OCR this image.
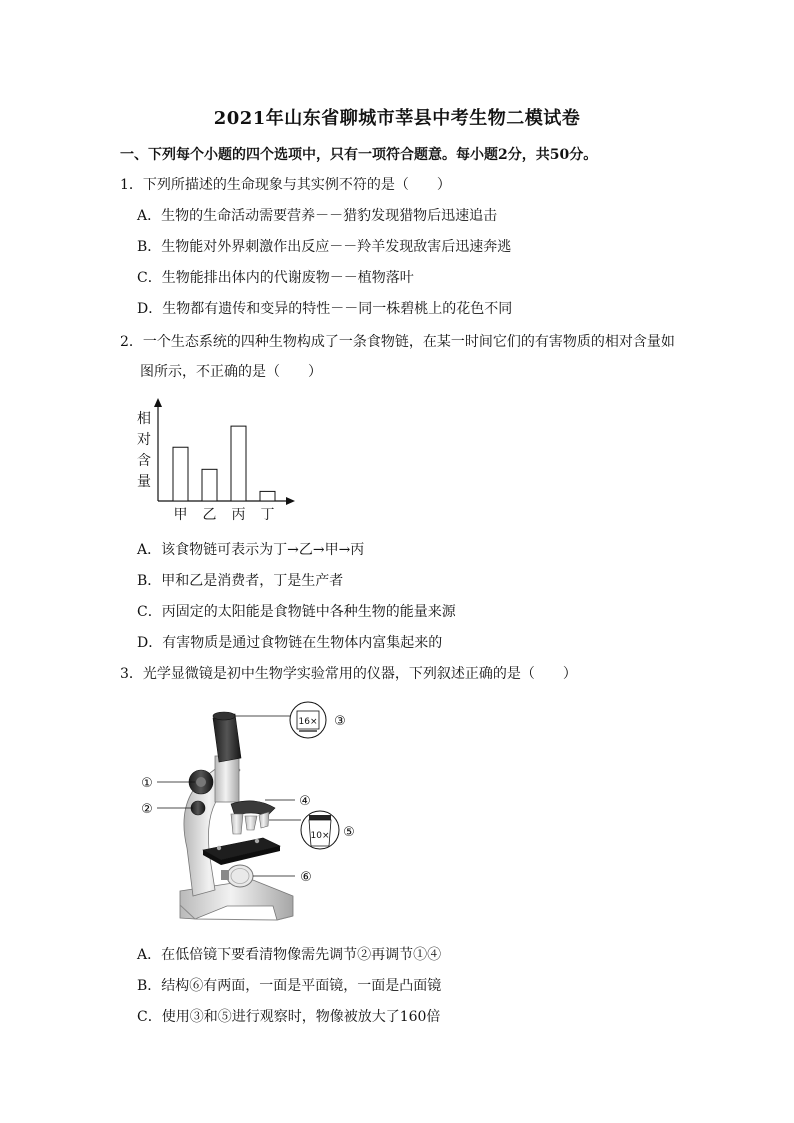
2021年山东省聊城市莘县中考生物二模试卷
一、下列每个小题的四个选项中，只有一项符合题意。每小题2分，共50分。
1．下列所描述的生命现象与其实例不符的是（　　）
A．生物的生命活动需要营养－－猎豹发现猎物后迅速追击
B．生物能对外界刺激作出反应－－羚羊发现敌害后迅速奔逃
C．生物能排出体内的代谢废物－－植物落叶
D．生物都有遗传和变异的特性－－同一株碧桃上的花色不同
2．一个生态系统的四种生物构成了一条食物链，在某一时间它们的有害物质的相对含量如
图所示，不正确的是（　　）
相
对
含
量
甲 乙 丙 丁
A．该食物链可表示为丁→乙→甲→丙
B．甲和乙是消费者，丁是生产者
C．丙固定的太阳能是食物链中各种生物的能量来源
D．有害物质是通过食物链在生物体内富集起来的
3．光学显微镜是初中生物学实验常用的仪器，下列叙述正确的是（　　）
16× ③
10× ⑤
①
②
④
⑥
A．在低倍镜下要看清物像需先调节②再调节①④
B．结构⑥有两面，一面是平面镜，一面是凸面镜
C．使用③和⑤进行观察时，物像被放大了160倍
